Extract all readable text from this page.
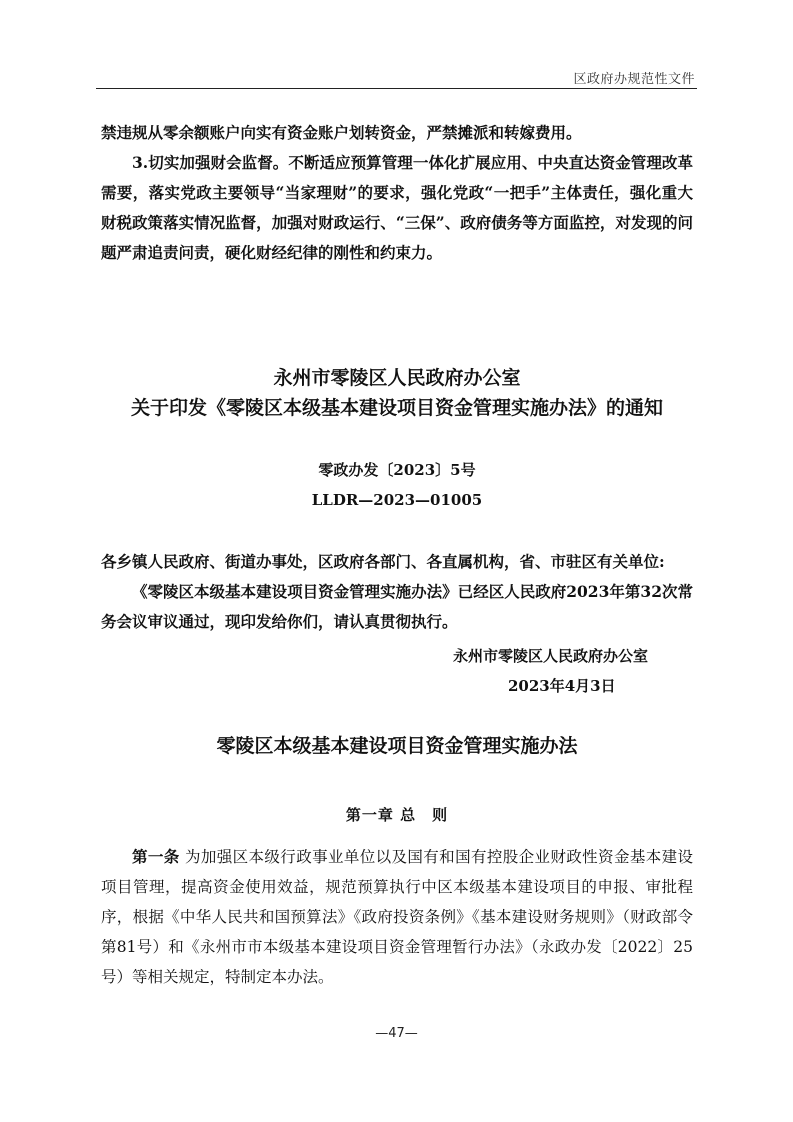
区政府办规范性文件

禁违规从零余额账户向实有资金账户划转资金，严禁摊派和转嫁费用。

3.切实加强财会监督。不断适应预算管理一体化扩展应用、中央直达资金管理改革需要，落实党政主要领导“当家理财”的要求，强化党政“一把手”主体责任，强化重大财税政策落实情况监督，加强对财政运行、“三保”、政府债务等方面监控，对发现的问题严肃追责问责，硬化财经纪律的刚性和约束力。

永州市零陵区人民政府办公室
关于印发《零陵区本级基本建设项目资金管理实施办法》的通知
零政办发〔2023〕5号
LLDR—2023—01005

各乡镇人民政府、街道办事处，区政府各部门、各直属机构，省、市驻区有关单位:

《零陵区本级基本建设项目资金管理实施办法》已经区人民政府2023年第32次常务会议审议通过，现印发给你们，请认真贯彻执行。

永州市零陵区人民政府办公室
2023年4月3日
零陵区本级基本建设项目资金管理实施办法
第一章 总　则

第一条 为加强区本级行政事业单位以及国有和国有控股企业财政性资金基本建设项目管理，提高资金使用效益，规范预算执行中区本级基本建设项目的申报、审批程序，根据《中华人民共和国预算法》《政府投资条例》《基本建设财务规则》（财政部令第81号）和《永州市市本级基本建设项目资金管理暂行办法》（永政办发〔2022〕25号）等相关规定，特制定本办法。

—47—
